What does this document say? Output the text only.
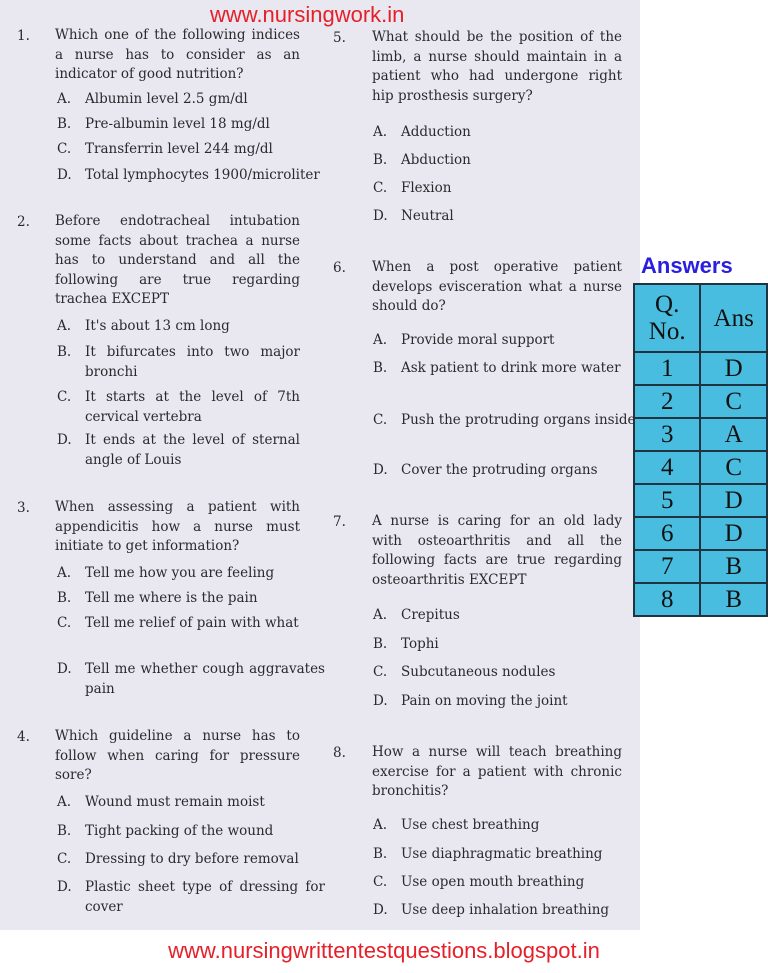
www.nursingwork.in
www.nursingwrittentestquestions.blogspot.in
Answers
Q. No.	Ans
1	D
2	C
3	A
4	C
5	D
6	D
7	B
8	B
1. Which one of the following indices a nurse has to consider as an indicator of good nutrition?
A. Albumin level 2.5 gm/dl
B. Pre-albumin level 18 mg/dl
C. Transferrin level 244 mg/dl
D. Total lymphocytes 1900/microliter
2. Before endotracheal intubation some facts about trachea a nurse has to understand and all the following are true regarding trachea EXCEPT
A. It's about 13 cm long
B. It bifurcates into two major bronchi
C. It starts at the level of 7th cervical vertebra
D. It ends at the level of sternal angle of Louis
3. When assessing a patient with appendicitis how a nurse must initiate to get information?
A. Tell me how you are feeling
B. Tell me where is the pain
C. Tell me relief of pain with what
D. Tell me whether cough aggravates pain
4. Which guideline a nurse has to follow when caring for pressure sore?
A. Wound must remain moist
B. Tight packing of the wound
C. Dressing to dry before removal
D. Plastic sheet type of dressing for cover
5. What should be the position of the limb, a nurse should maintain in a patient who had undergone right hip prosthesis surgery?
A. Adduction
B. Abduction
C. Flexion
D. Neutral
6. When a post operative patient develops evisceration what a nurse should do?
A. Provide moral support
B. Ask patient to drink more water
C. Push the protruding organs inside
D. Cover the protruding organs
7. A nurse is caring for an old lady with osteoarthritis and all the following facts are true regarding osteoarthritis EXCEPT
A. Crepitus
B. Tophi
C. Subcutaneous nodules
D. Pain on moving the joint
8. How a nurse will teach breathing exercise for a patient with chronic bronchitis?
A. Use chest breathing
B. Use diaphragmatic breathing
C. Use open mouth breathing
D. Use deep inhalation breathing
